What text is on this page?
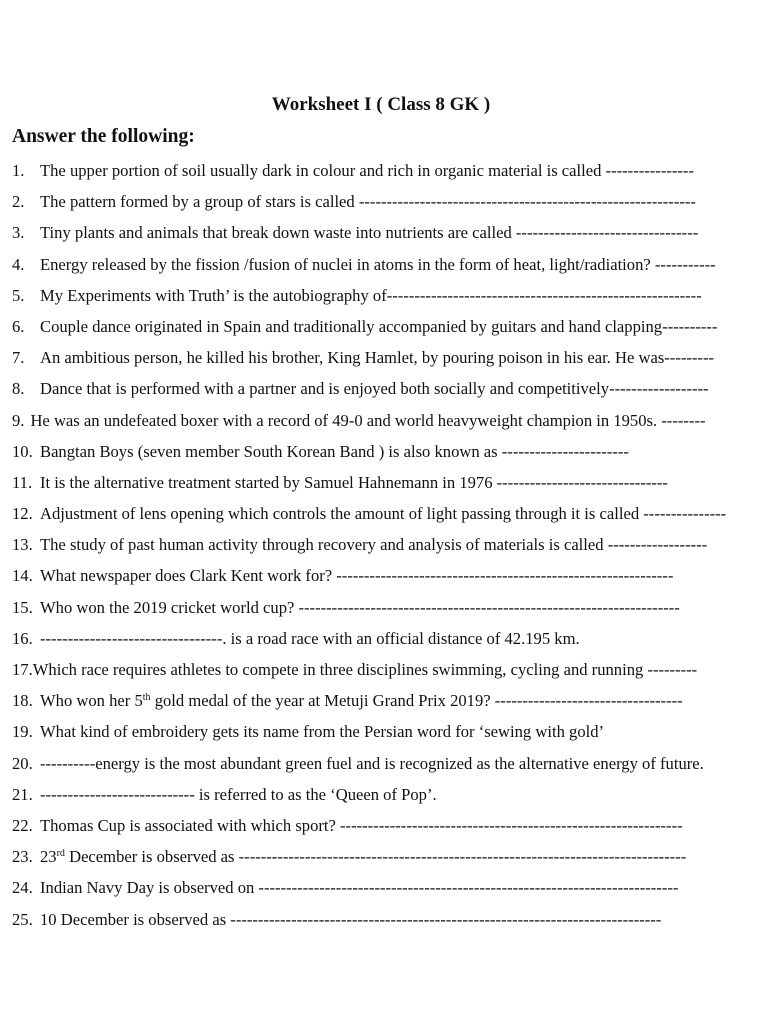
Worksheet I ( Class 8 GK )
Answer the following:
1. The upper portion of soil usually dark in colour and rich in organic material is called ----------------
2. The pattern formed by a group of stars is called -------------------------------------------------------------
3. Tiny plants and animals that break down waste into nutrients are called ---------------------------------
4. Energy released by the fission /fusion of nuclei in atoms in the form of heat, light/radiation? -----------
5. My Experiments with Truth’ is the autobiography of---------------------------------------------------------
6. Couple dance originated in Spain and traditionally accompanied by guitars and hand clapping----------
7. An ambitious person, he killed his brother, King Hamlet, by pouring poison in his ear. He was---------
8. Dance that is performed with a partner and is enjoyed both socially and competitively------------------
9. He was an undefeated boxer with a record of 49-0 and world heavyweight champion in 1950s. --------
10. Bangtan Boys (seven member South Korean Band ) is also known as -----------------------
11. It is the alternative treatment started by Samuel Hahnemann in 1976 -------------------------------
12. Adjustment of lens opening which controls the amount of light passing through it is called ---------------
13. The study of past human activity through recovery and analysis of materials is called ------------------
14. What newspaper does Clark Kent work for? -------------------------------------------------------------
15. Who won the 2019 cricket world cup? ---------------------------------------------------------------------
16. ---------------------------------. is a road race with an official distance of 42.195 km.
17.Which race requires athletes to compete in three disciplines swimming, cycling and running ---------
18. Who won her 5th gold medal of the year at Metuji Grand Prix 2019? ----------------------------------
19. What kind of embroidery gets its name from the Persian word for ‘sewing with gold’
20. ----------energy is the most abundant green fuel and is recognized as the alternative energy of future.
21. ---------------------------- is referred to as the ‘Queen of Pop’.
22. Thomas Cup is associated with which sport? --------------------------------------------------------------
23. 23rd December is observed as ---------------------------------------------------------------------------------
24. Indian Navy Day is observed on ----------------------------------------------------------------------------
25. 10 December is observed as ------------------------------------------------------------------------------
